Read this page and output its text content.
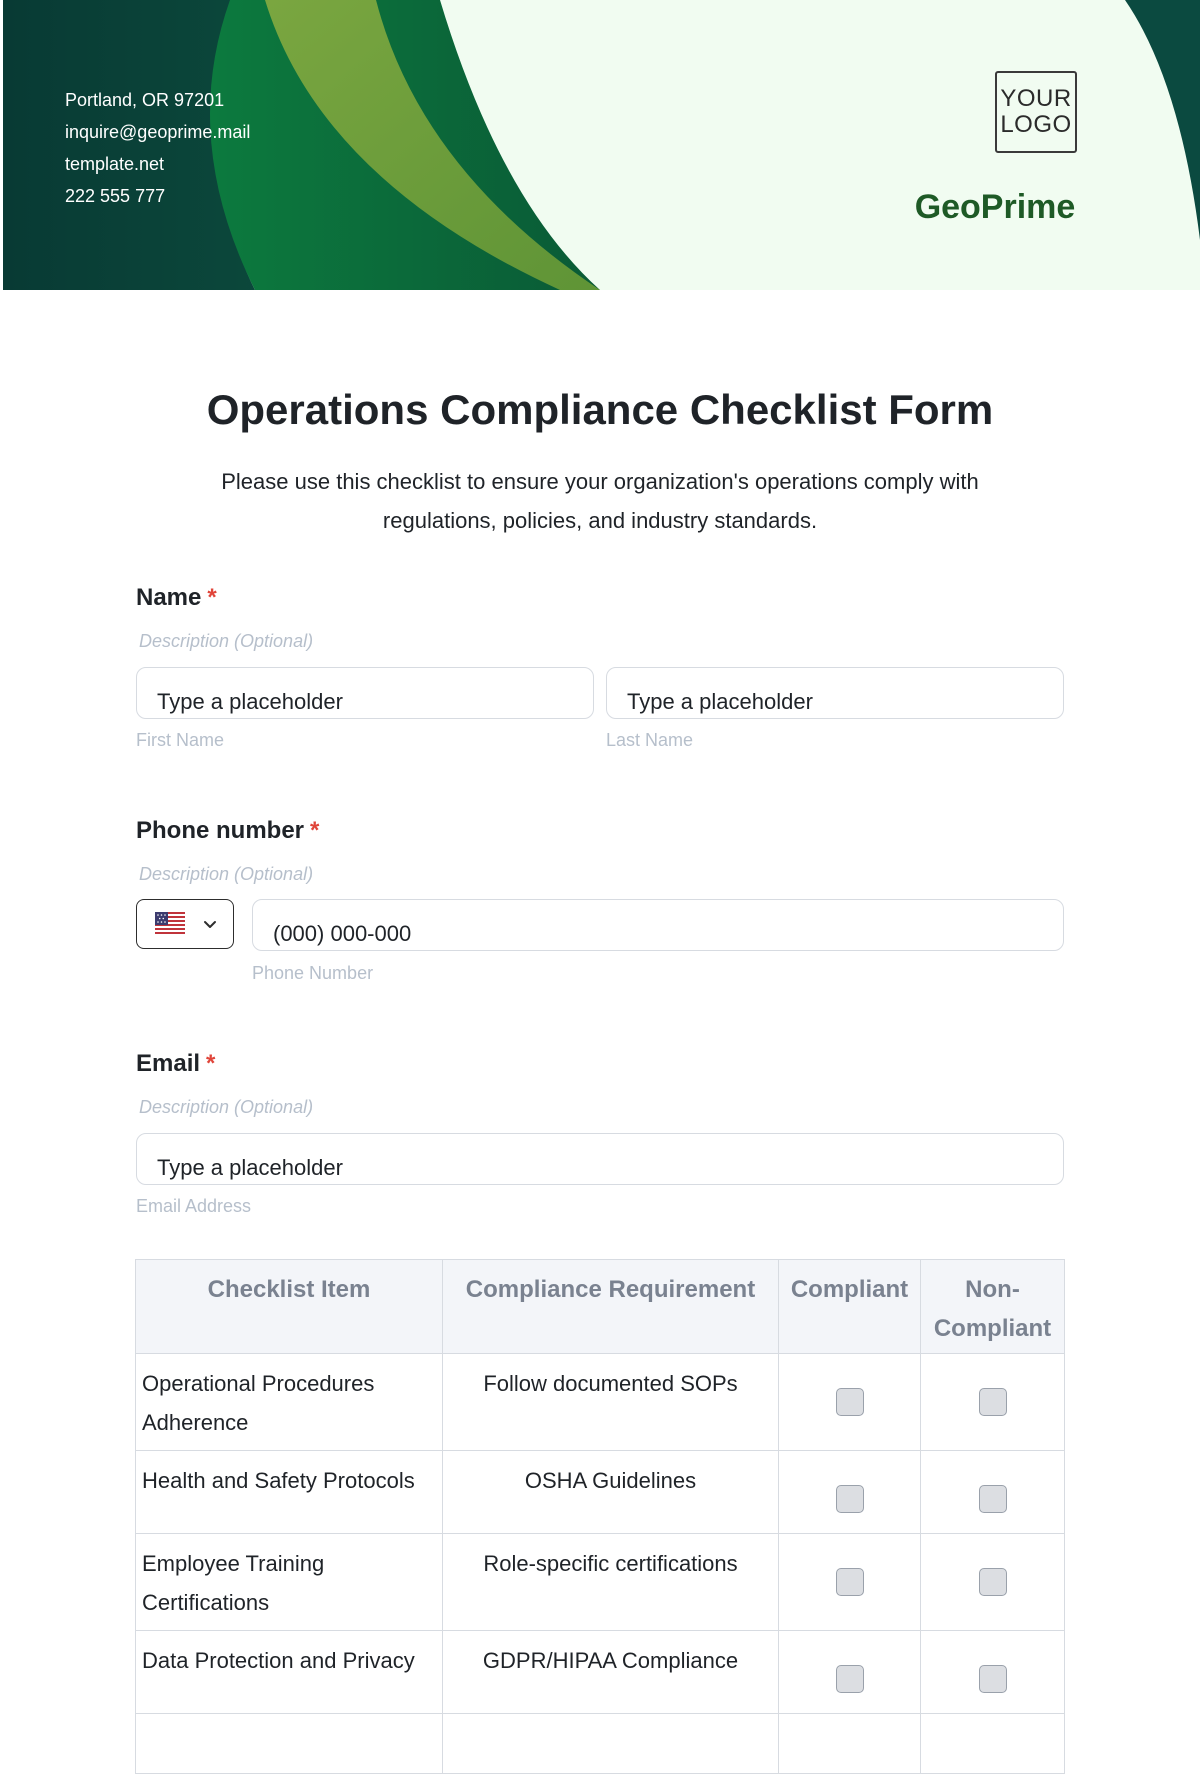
Portland, OR 97201
inquire@geoprime.mail
template.net
222 555 777
YOUR
LOGO
GeoPrime
Operations Compliance Checklist Form
Please use this checklist to ensure your organization's operations comply with
regulations, policies, and industry standards.
Name *
Description (Optional)
Type a placeholder
Type a placeholder
First Name	Last Name
Phone number *
Description (Optional)
(000) 000-000
Phone Number
Email *
Description (Optional)
Type a placeholder
Email Address
Checklist Item	Compliance Requirement	Compliant	Non-Compliant
Operational Procedures Adherence	Follow documented SOPs		
Health and Safety Protocols	OSHA Guidelines		
Employee Training Certifications	Role-specific certifications		
Data Protection and Privacy	GDPR/HIPAA Compliance		
